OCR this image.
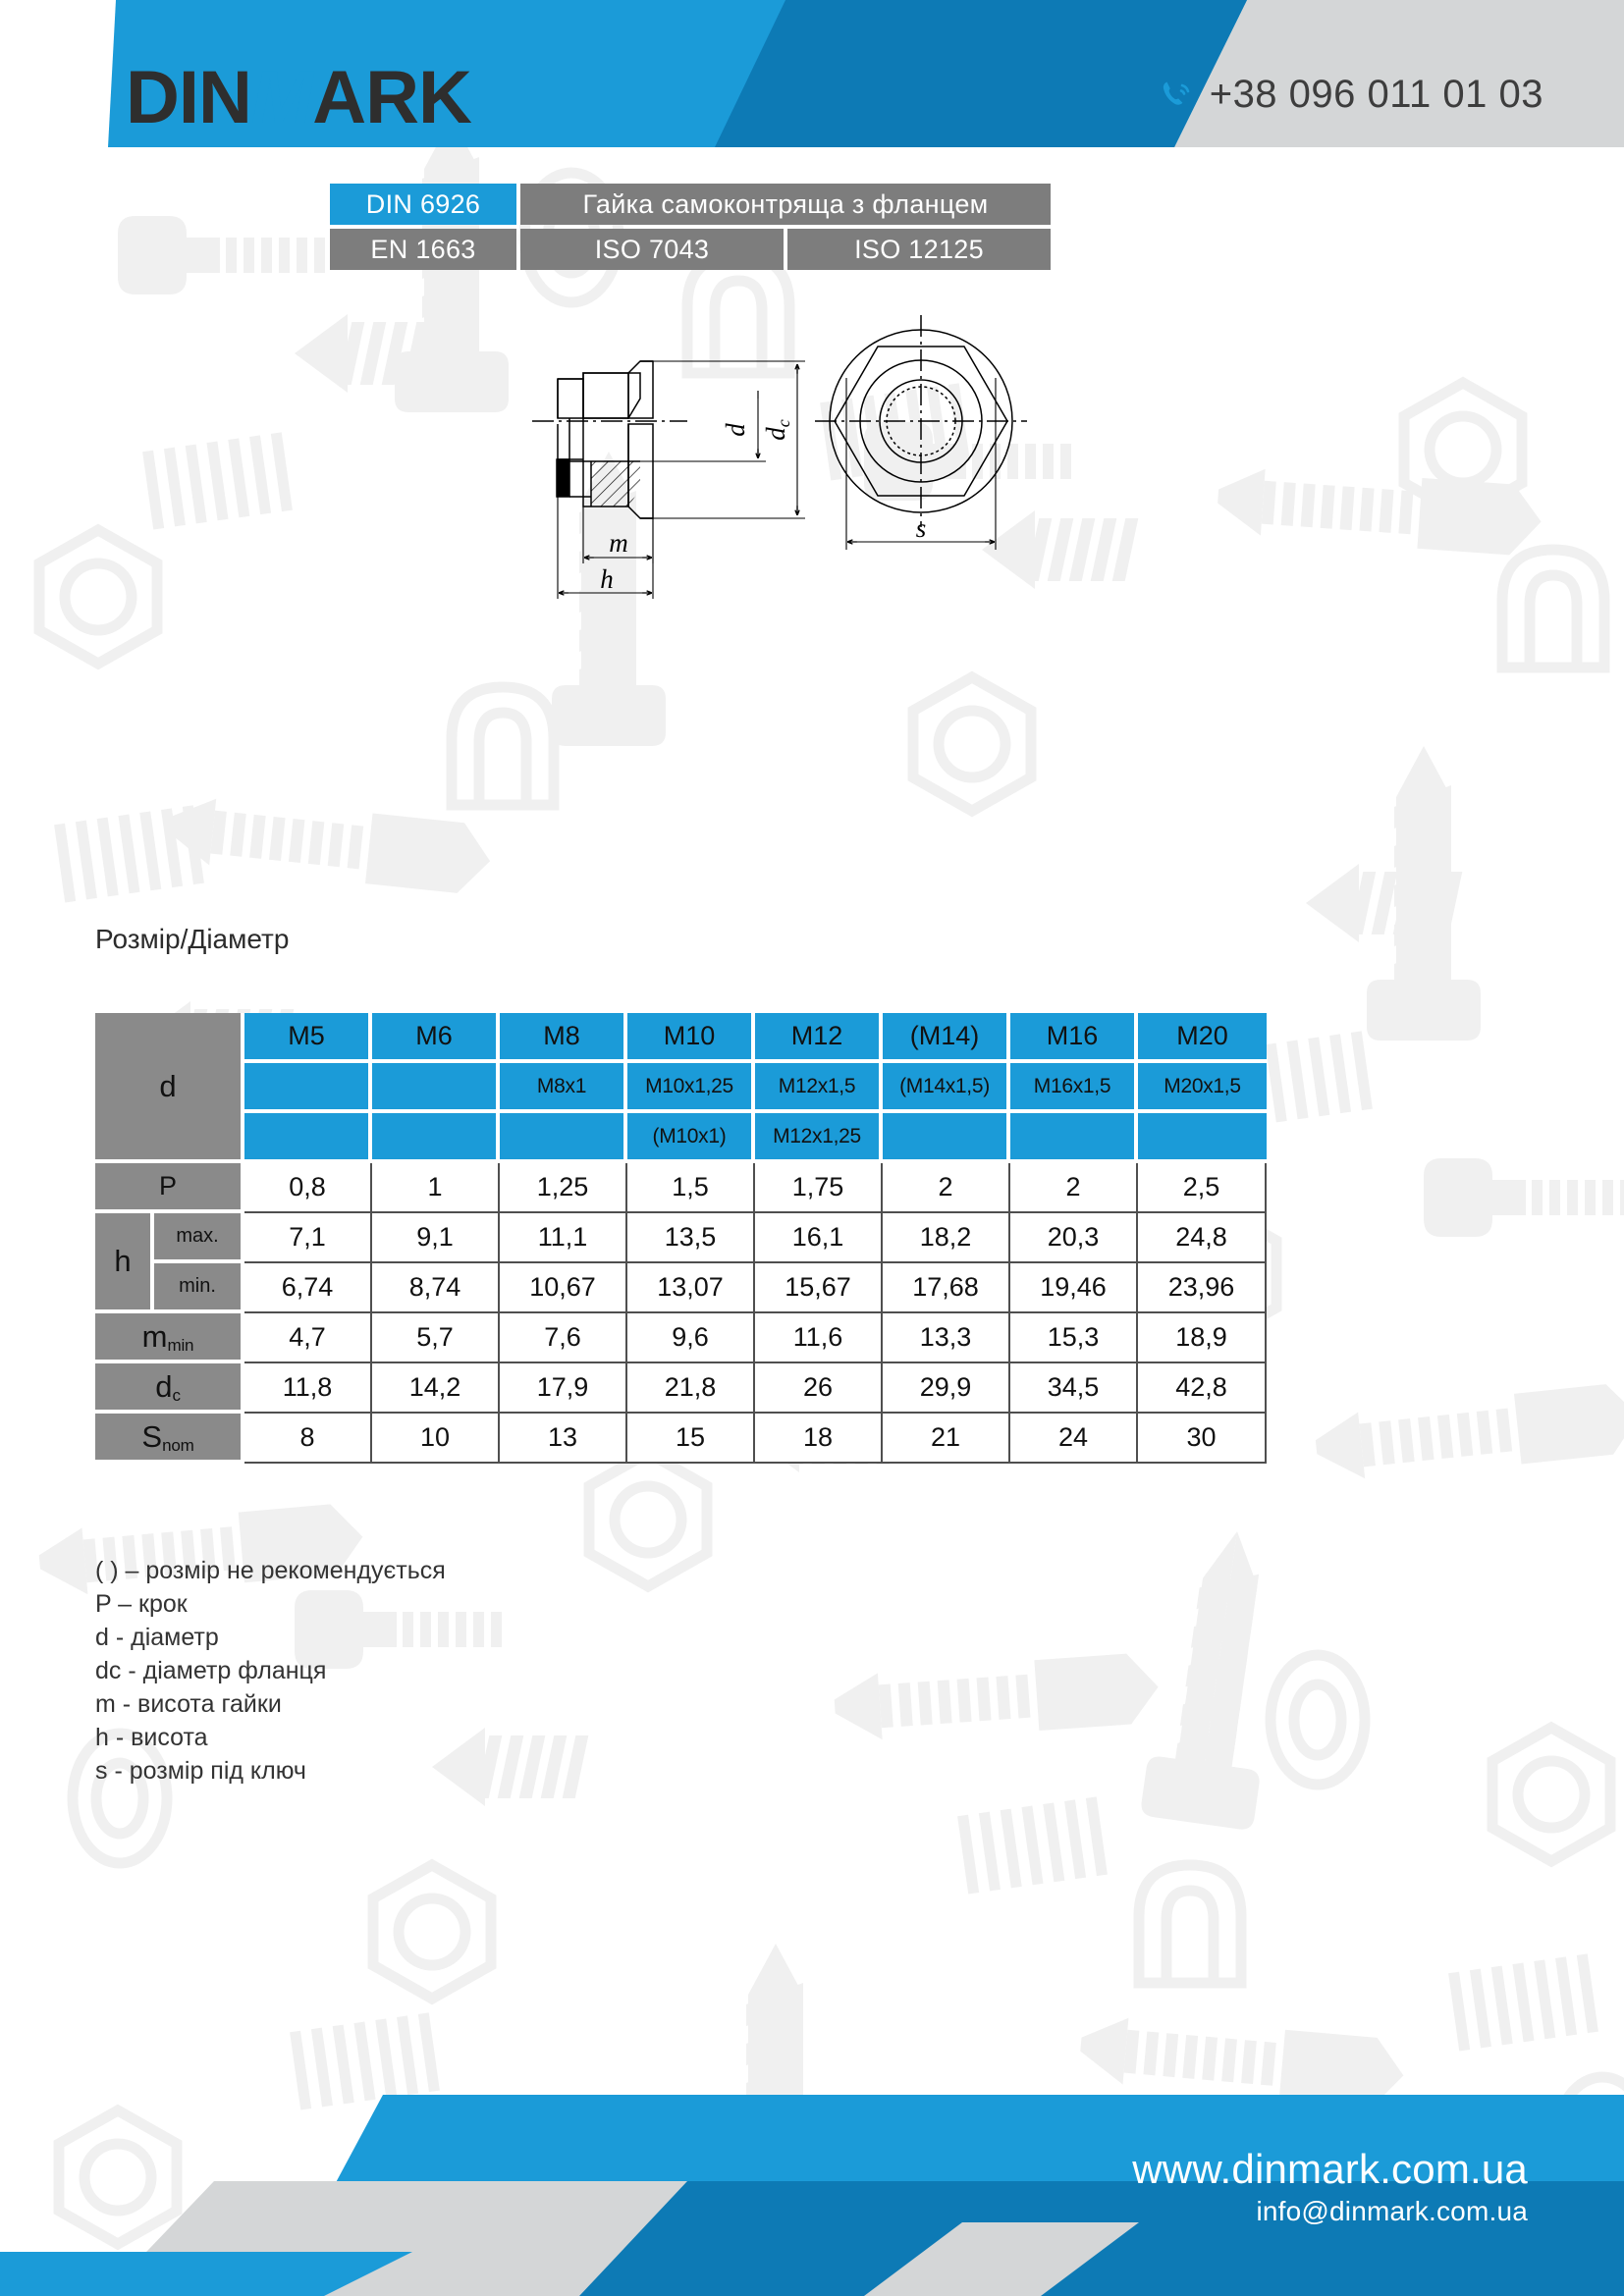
DINMARK	+38 096 011 01 03
DIN 6926	Гайка самоконтряща з фланцем
EN 1663	ISO 7043	ISO 12125
d dc
m
h
s
Розмір/Діаметр
d		M5	M6	M8	M10	M12	(M14)	M16	M20
				M8x1	M10x1,25	M12x1,5	(M14x1,5)	M16x1,5	M20x1,5
					(M10x1)	M12x1,25			
P		0,8	1	1,25	1,5	1,75	2	2	2,5
h	max.	7,1	9,1	11,1	13,5	16,1	18,2	20,3	24,8
	min.	6,74	8,74	10,67	13,07	15,67	17,68	19,46	23,96
$m_{min}$		4,7	5,7	7,6	9,6	11,6	13,3	15,3	18,9
$d_c$		11,8	14,2	17,9	21,8	26	29,9	34,5	42,8
$S_{nom}$		8	10	13	15	18	21	24	30
( ) – розмір не рекомендується
P – крок
d - діаметр
dc - діаметр фланця
m - висота гайки
h - висота
s - розмір під ключ
www.dinmark.com.ua
info@dinmark.com.ua
